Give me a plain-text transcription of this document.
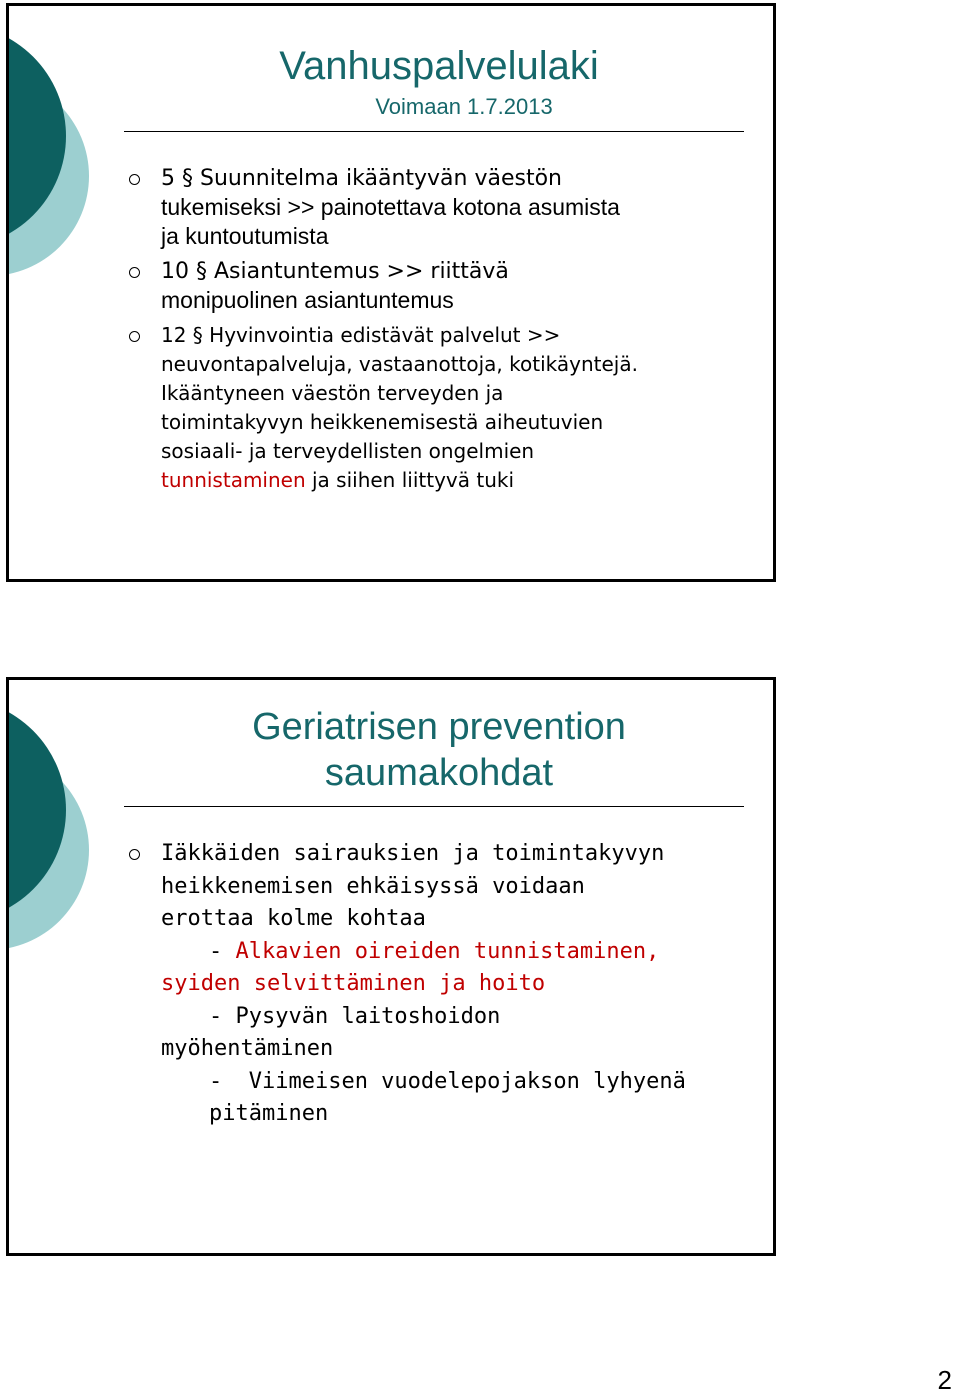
Vanhuspalvelulaki
Voimaan 1.7.2013
5 § Suunnitelma ikääntyvän väestön
tukemiseksi >> painotettava kotona asumista
ja kuntoutumista
10 § Asiantuntemus >> riittävä
monipuolinen asiantuntemus
12 § Hyvinvointia edistävät palvelut >>
neuvontapalveluja, vastaanottoja, kotikäyntejä.
Ikääntyneen väestön terveyden ja
toimintakyvyn heikkenemisestä aiheutuvien
sosiaali- ja terveydellisten ongelmien
tunnistaminen ja siihen liittyvä tuki
Geriatrisen prevention
saumakohdat
Iäkkäiden sairauksien ja toimintakyvyn
heikkenemisen ehkäisyssä voidaan
erottaa kolme kohtaa
- Alkavien oireiden tunnistaminen,
syiden selvittäminen ja hoito
- Pysyvän laitoshoidon
myöhentäminen
-  Viimeisen vuodelepojakson lyhyenä
pitäminen
2
